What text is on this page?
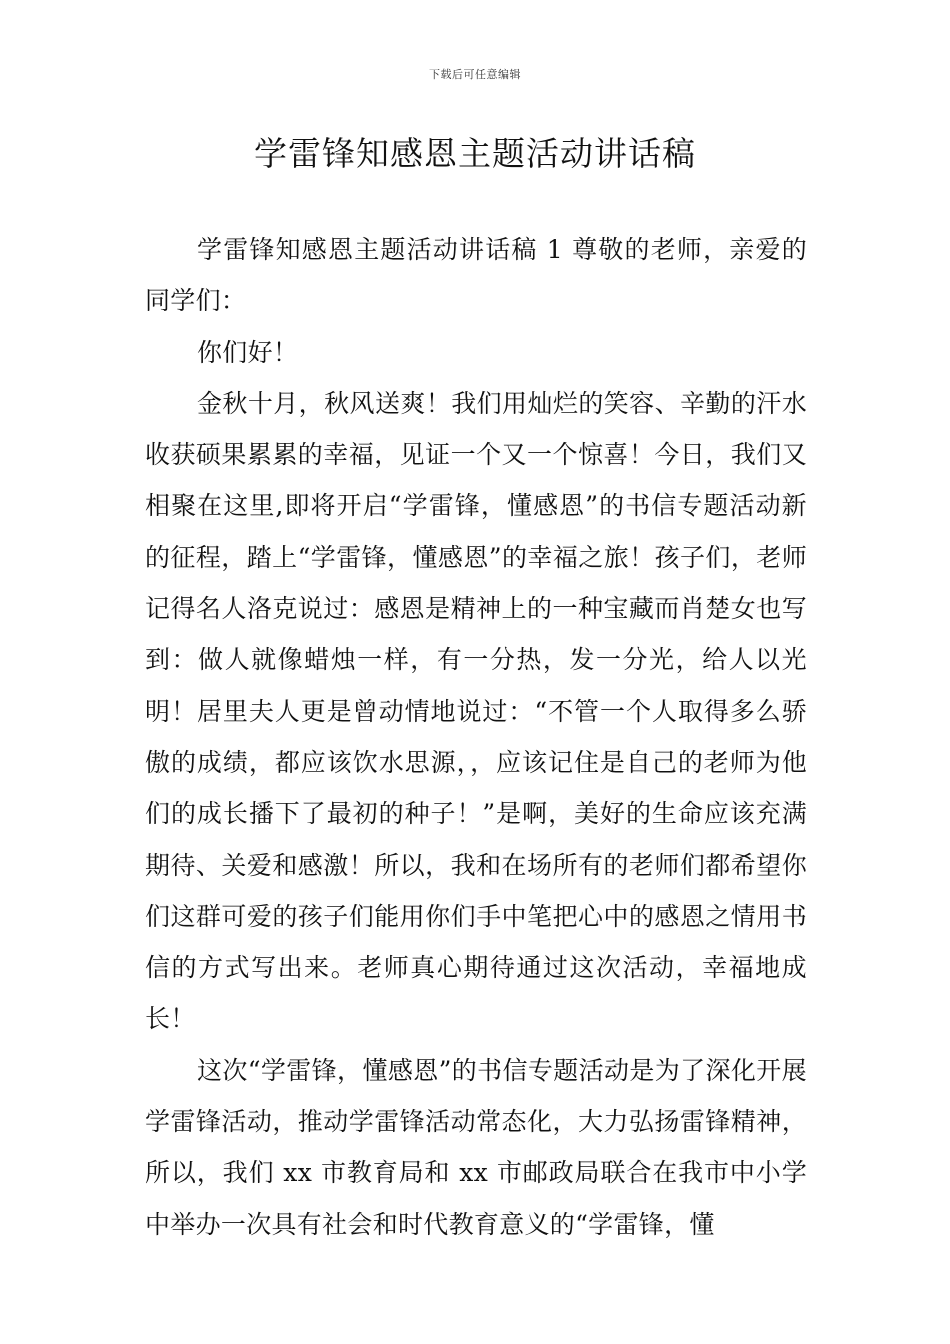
下载后可任意编辑
学雷锋知感恩主题活动讲话稿

学雷锋知感恩主题活动讲话稿 1 尊敬的老师，亲爱的同学们：

你们好！

金秋十月，秋风送爽！我们用灿烂的笑容、辛勤的汗水收获硕果累累的幸福，见证一个又一个惊喜！今日，我们又相聚在这里,即将开启“学雷锋，懂感恩”的书信专题活动新的征程，踏上“学雷锋，懂感恩”的幸福之旅！孩子们，老师记得名人洛克说过：感恩是精神上的一种宝藏而肖楚女也写到：做人就像蜡烛一样，有一分热，发一分光，给人以光明！居里夫人更是曾动情地说过：“不管一个人取得多么骄傲的成绩，都应该饮水思源，，应该记住是自己的老师为他们的成长播下了最初的种子！”是啊，美好的生命应该充满期待、关爱和感激！所以，我和在场所有的老师们都希望你们这群可爱的孩子们能用你们手中笔把心中的感恩之情用书信的方式写出来。老师真心期待通过这次活动，幸福地成长！

这次“学雷锋，懂感恩”的书信专题活动是为了深化开展学雷锋活动，推动学雷锋活动常态化，大力弘扬雷锋精神，所以，我们 xx 市教育局和 xx 市邮政局联合在我市中小学中举办一次具有社会和时代教育意义的“学雷锋，懂
